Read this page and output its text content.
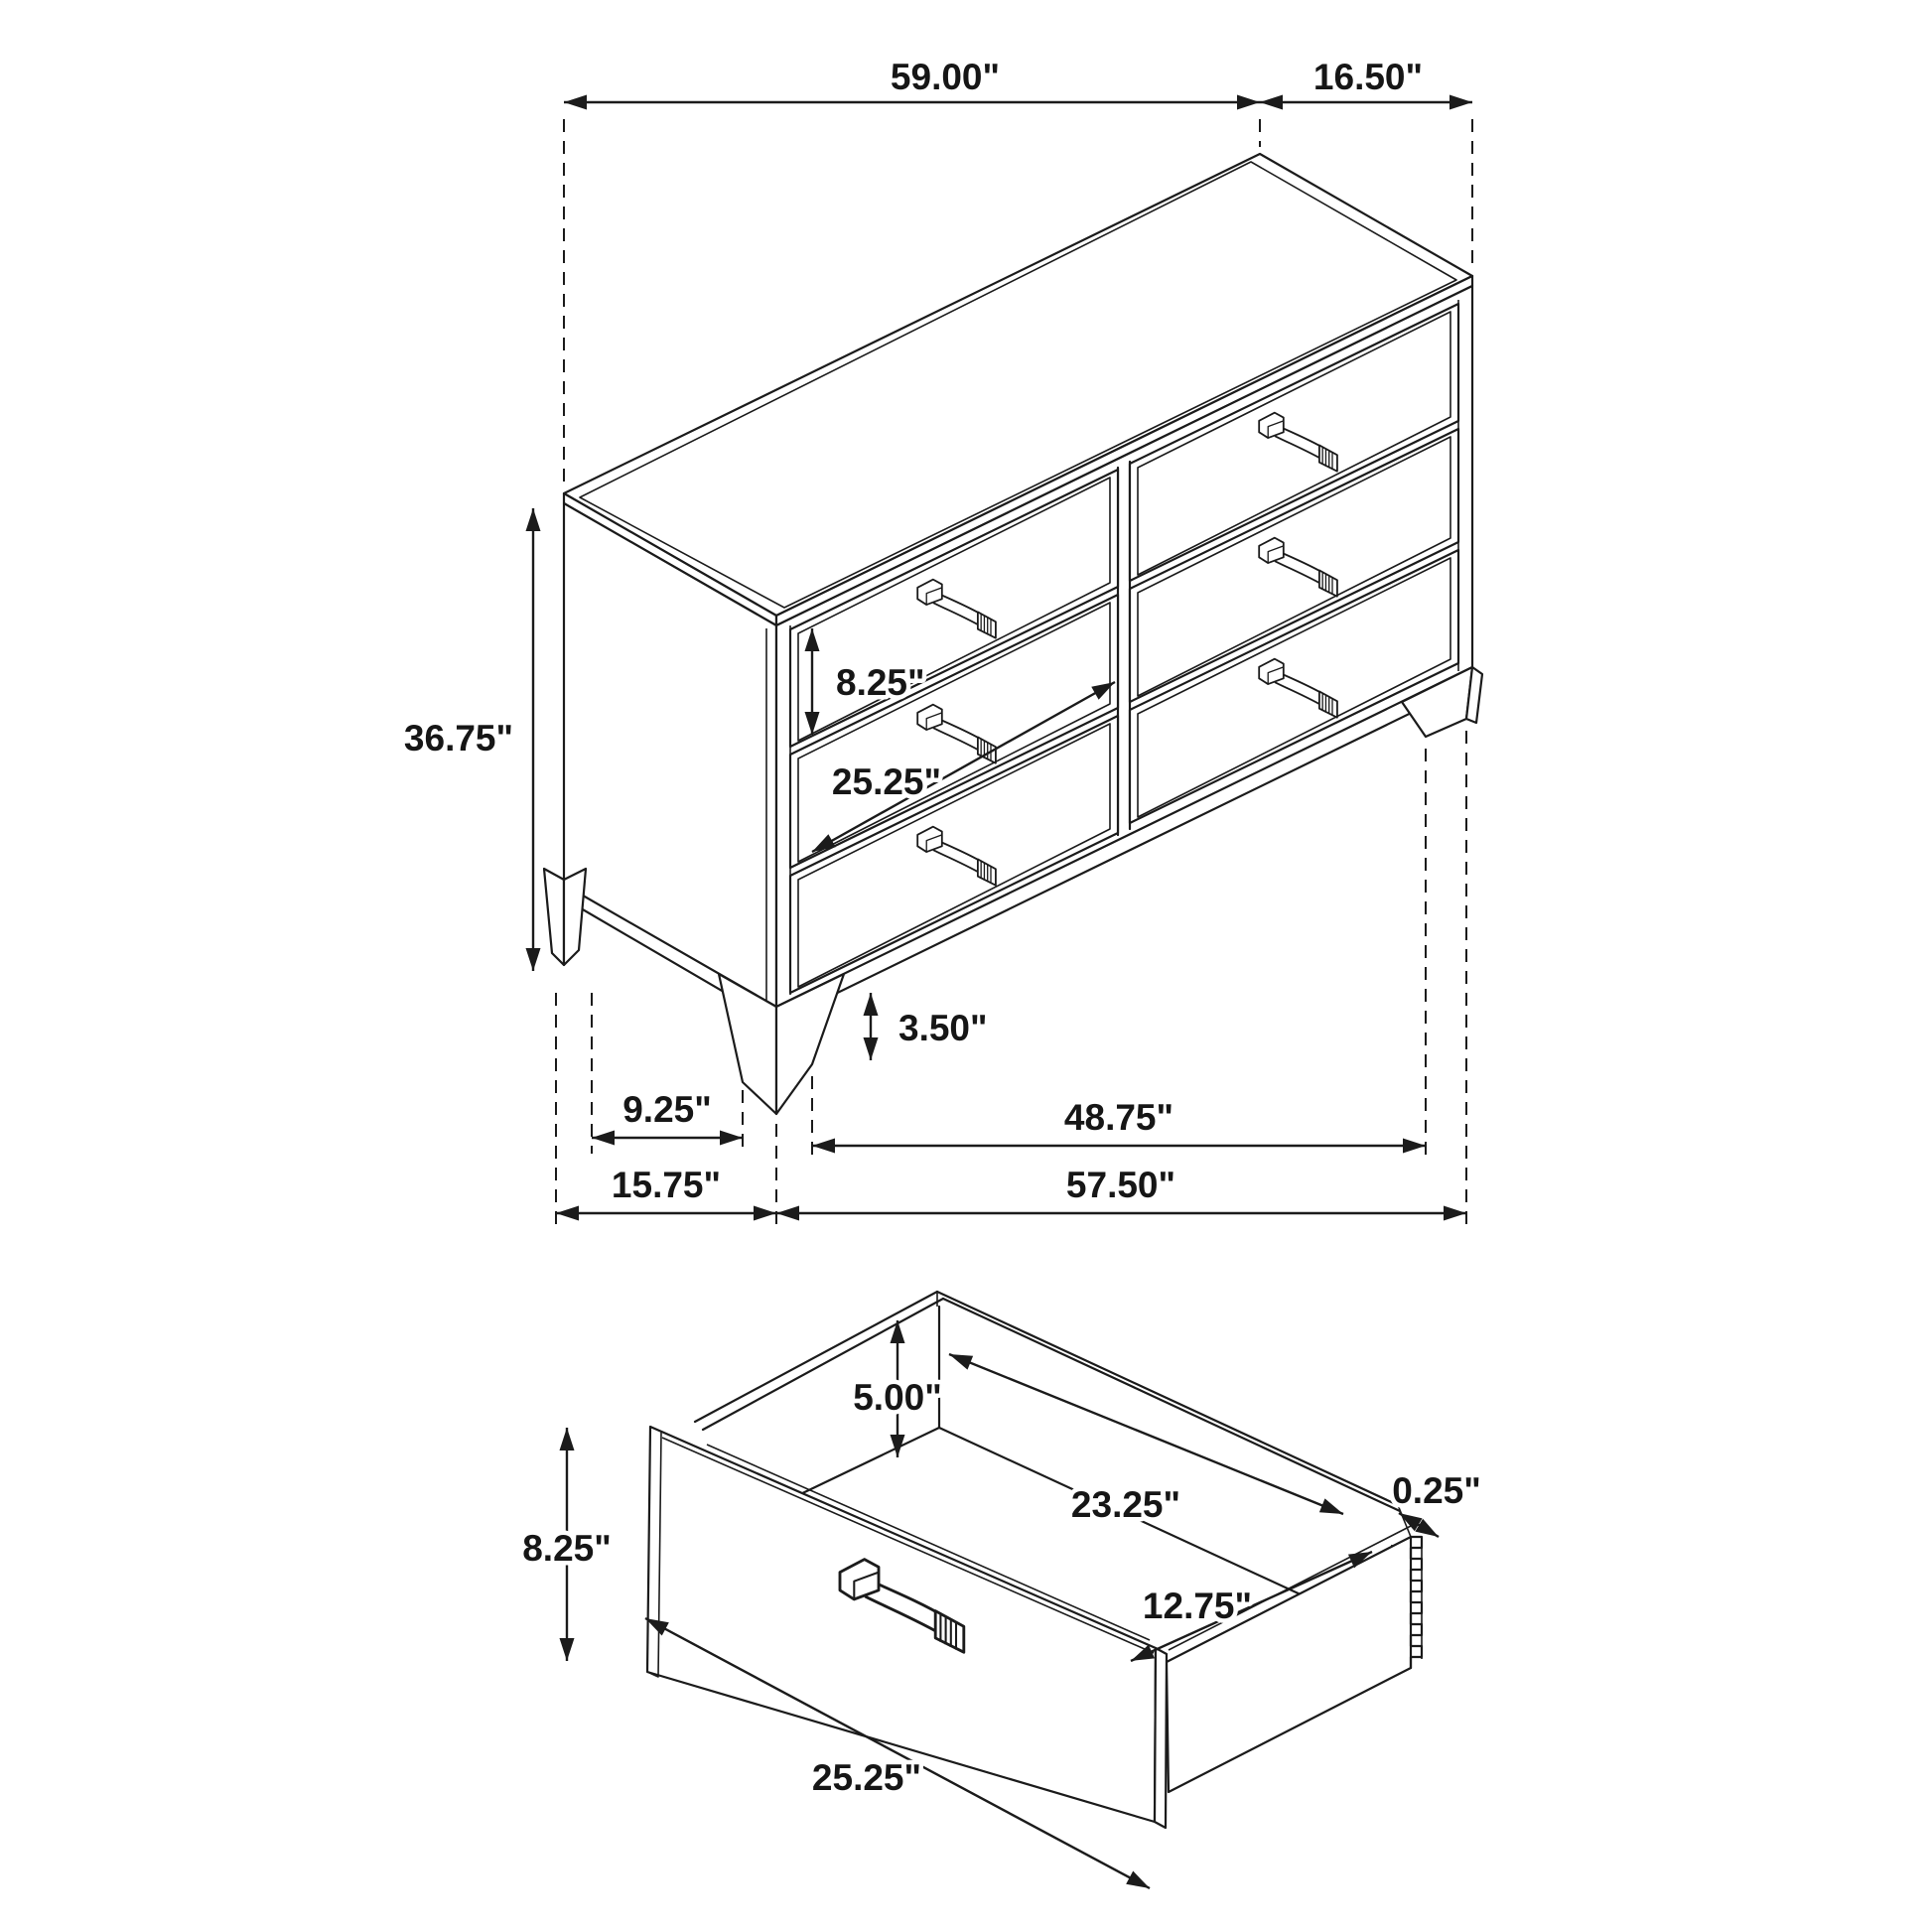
59.00"	16.50"
36.75"
8.25"
25.25"
3.50"
9.25"	48.75"
15.75"	57.50"
8.25"
5.00"
23.25"	0.25"
12.75"
25.25"
